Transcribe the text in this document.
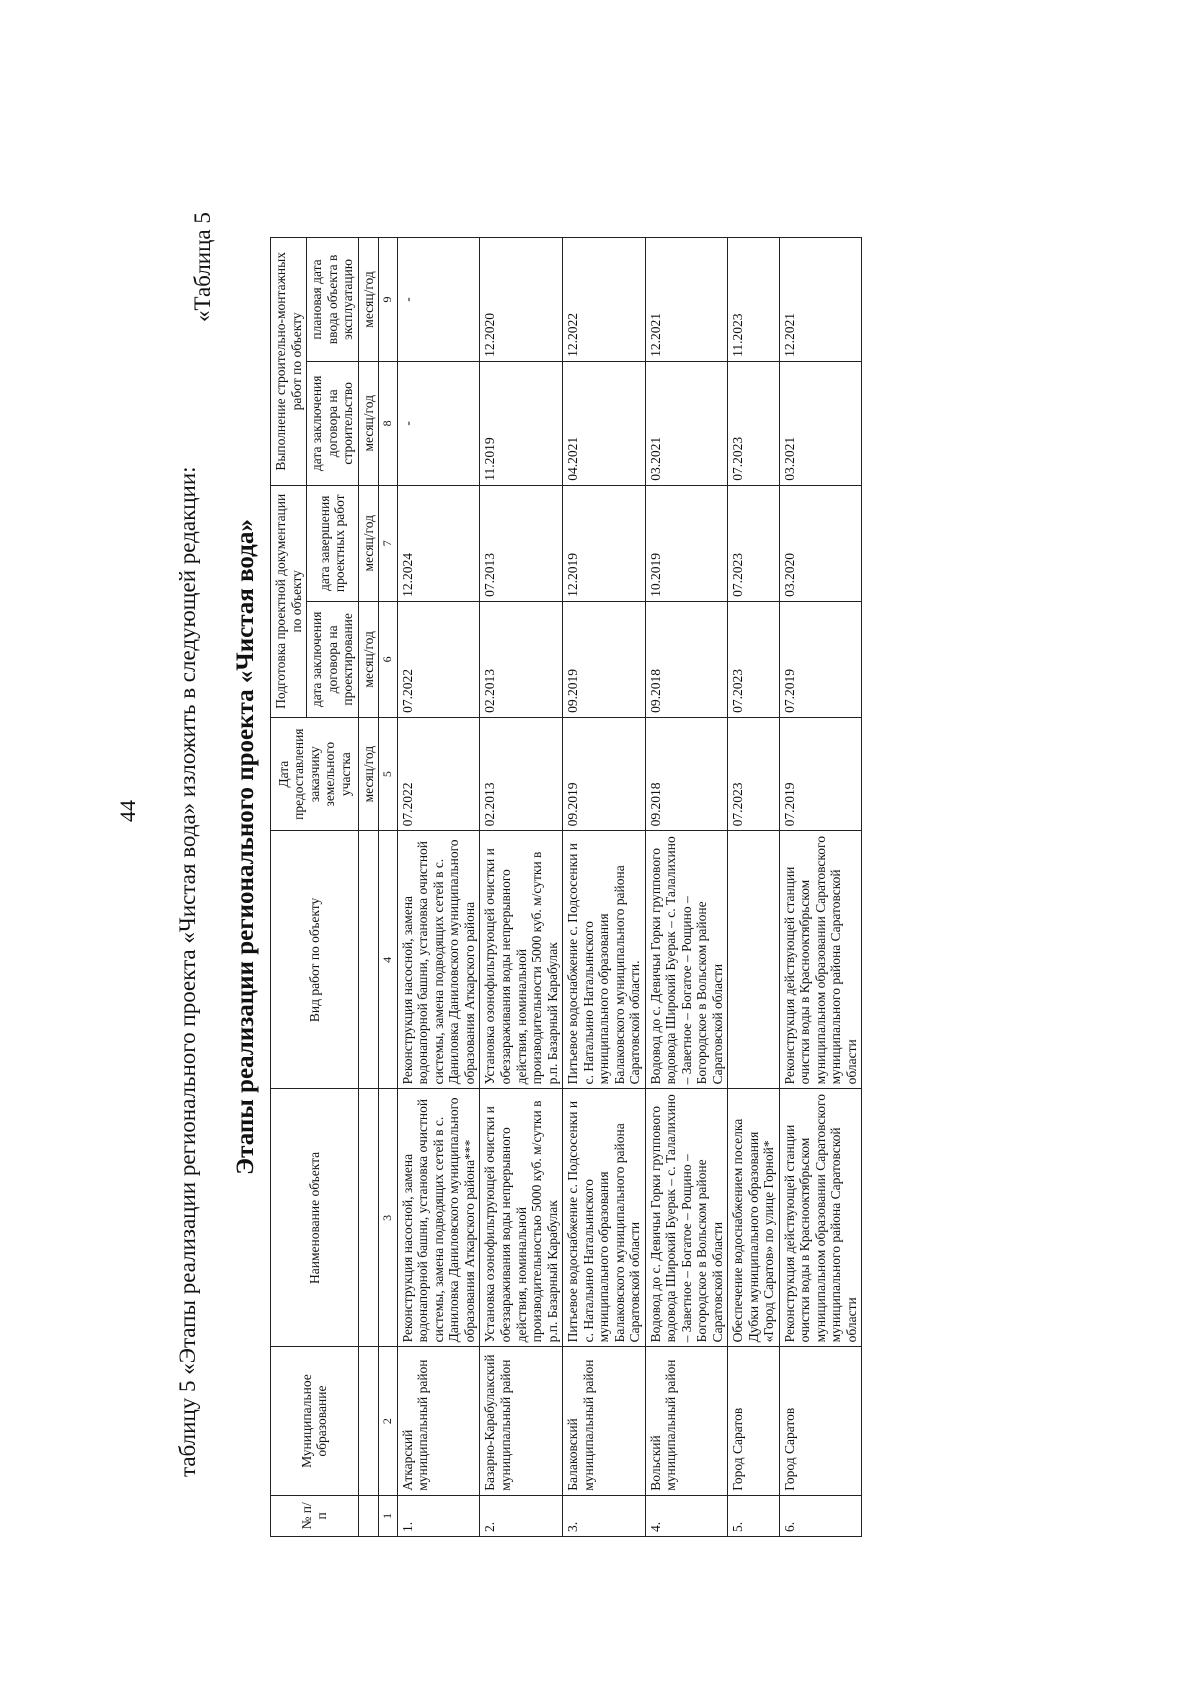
44 таблицу 5 «Этапы реализации регионального проекта «Чистая вода» изложить в следующей редакции:
«Таблица 5
Этапы реализации регионального проекта «Чистая вода»
№ п/п	Муниципальное образование	Наименование объекта	Вид работ по объекту	Дата предоставления заказчику земельного участка	Подготовка проектной документации по объекту		Выполнение строительно-монтажных работ по объекту	
					дата заключения договора на проектирование	дата завершения проектных работ	дата заключения договора на строительство	плановая дата ввода объекта в эксплуатацию
				месяц/год	месяц/год	месяц/год	месяц/год	месяц/год
1	2	3	4	5	6	7	8	9
1.	Аткарский муниципальный район	Реконструкция насосной, замена водонапорной башни, установка очистной системы, замена подводящих сетей в с. Даниловка Даниловского муниципального образования Аткарского района***	Реконструкция насосной, замена водонапорной башни, установка очистной системы, замена подводящих сетей в с. Даниловка Даниловского муниципального образования Аткарского района	07.2022	07.2022	12.2024	-	-
2.	Базарно-Карабулакский муниципальный район	Установка озонофильтрующей очистки и обеззараживания воды непрерывного действия, номинальной производительностью 5000 куб. м/сутки в р.п. Базарный Карабулак	Установка озонофильтрующей очистки и обеззараживания воды непрерывного действия, номинальной производительности 5000 куб. м/сутки в р.п. Базарный Карабулак	02.2013	02.2013	07.2013	11.2019	12.2020
3.	Балаковский муниципальный район	Питьевое водоснабжение с. Подсосенки и с. Натальино Натальинского муниципального образования Балаковского муниципального района Саратовской области	Питьевое водоснабжение с. Подсосенки и с. Натальино Натальинского муниципального образования Балаковского муниципального района Саратовской области.	09.2019	09.2019	12.2019	04.2021	12.2022
4.	Вольский муниципальный район	Водовод до с. Девичьи Горки группового водовода Широкий Буерак – с. Талалихино – Заветное – Богатое – Рощино – Богородское в Вольском районе Саратовской области	Водовод до с. Девичьи Горки группового водовода Широкий Буерак – с. Талалихино – Заветное – Богатое – Рощино – Богородское в Вольском районе Саратовской области	09.2018	09.2018	10.2019	03.2021	12.2021
5.	Город Саратов	Обеспечение водоснабжением поселка Дубки муниципального образования «Город Саратов» по улице Горной*		07.2023	07.2023	07.2023	07.2023	11.2023
6.	Город Саратов	Реконструкция действующей станции очистки воды в Краснооктябрьском муниципальном образовании Саратовского муниципального района Саратовской области	Реконструкция действующей станции очистки воды в Краснооктябрьском муниципальном образовании Саратовского муниципального района Саратовской области	07.2019	07.2019	03.2020	03.2021	12.2021
